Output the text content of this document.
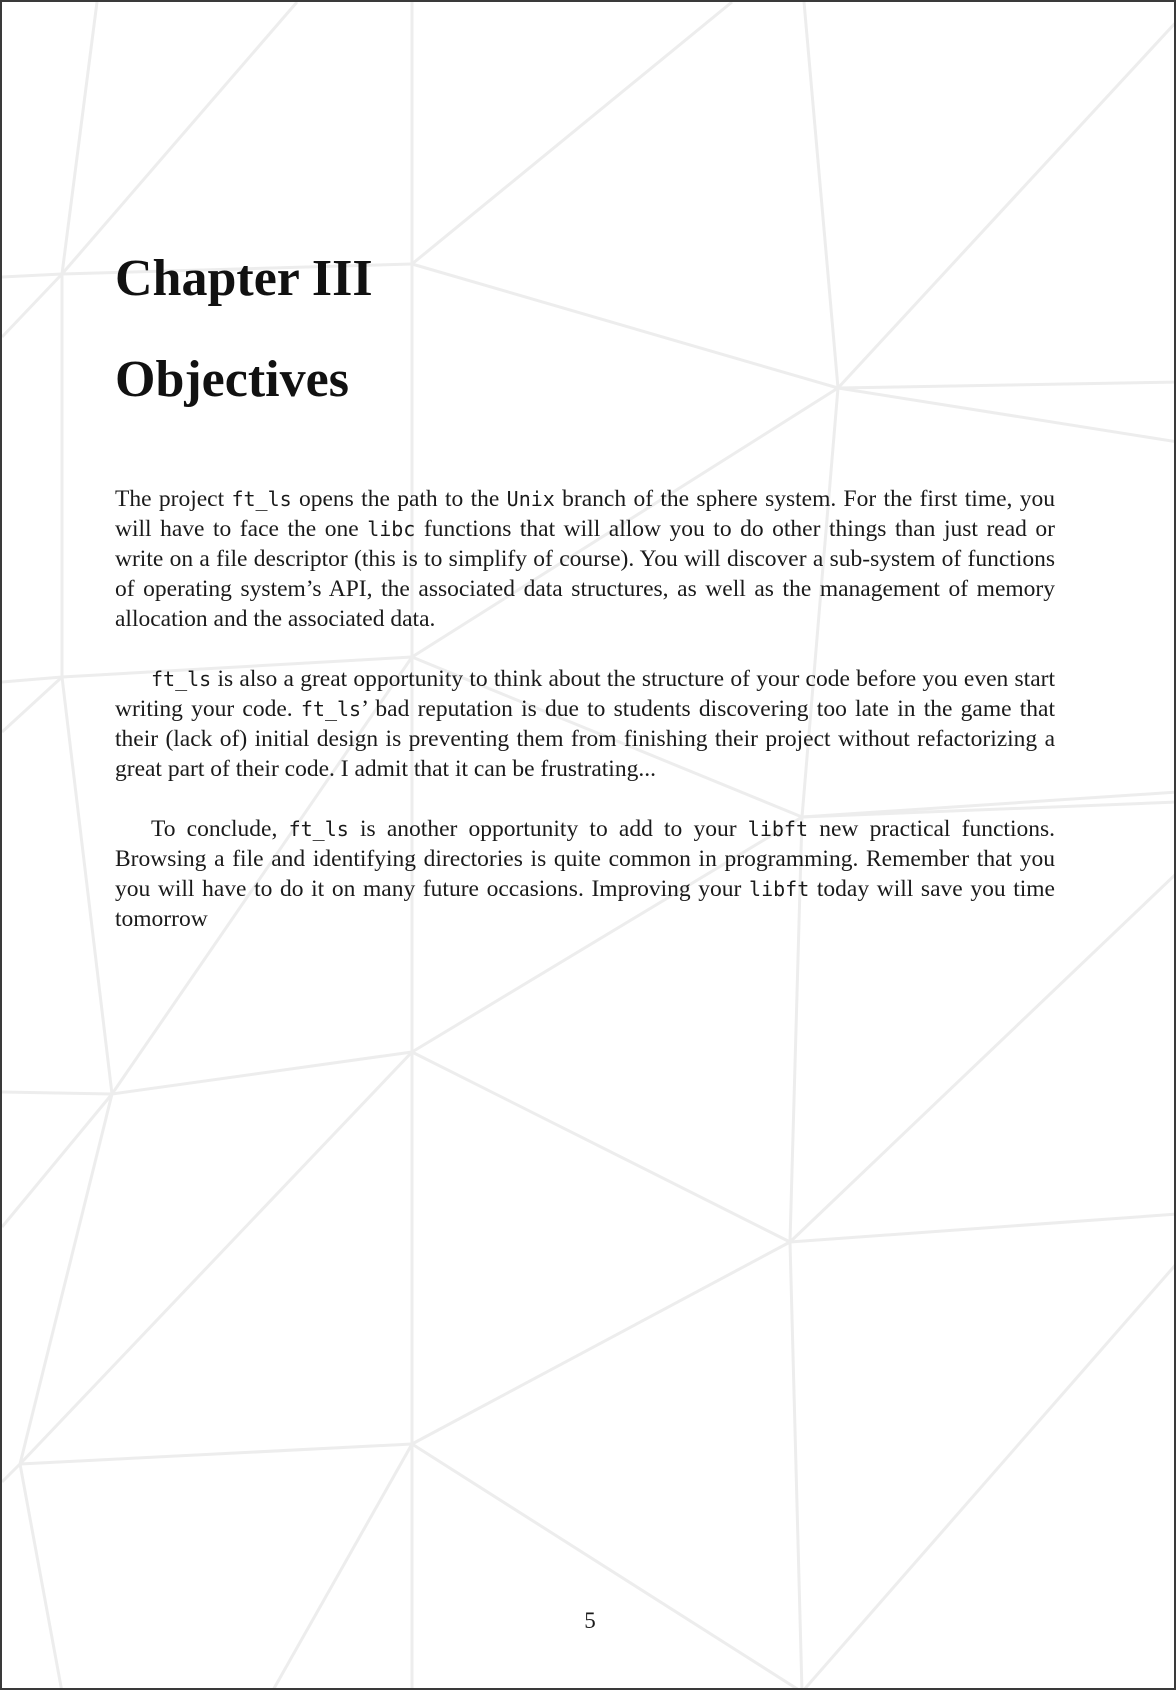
Chapter III
Objectives

The project ft_ls opens the path to the Unix branch of the sphere system. For the first time, you will have to face the one libc functions that will allow you to do other things than just read or write on a file descriptor (this is to simplify of course). You will discover a sub-system of functions of operating system’s API, the associated data structures, as well as the management of memory allocation and the associated data.

ft_ls is also a great opportunity to think about the structure of your code before you even start writing your code. ft_ls’ bad reputation is due to students discovering too late in the game that their (lack of) initial design is preventing them from finishing their project without refactorizing a great part of their code. I admit that it can be frustrating...

To conclude, ft_ls is another opportunity to add to your libft new practical functions. Browsing a file and identifying directories is quite common in programming. Remember that you you will have to do it on many future occasions. Improving your libft today will save you time tomorrow

5
